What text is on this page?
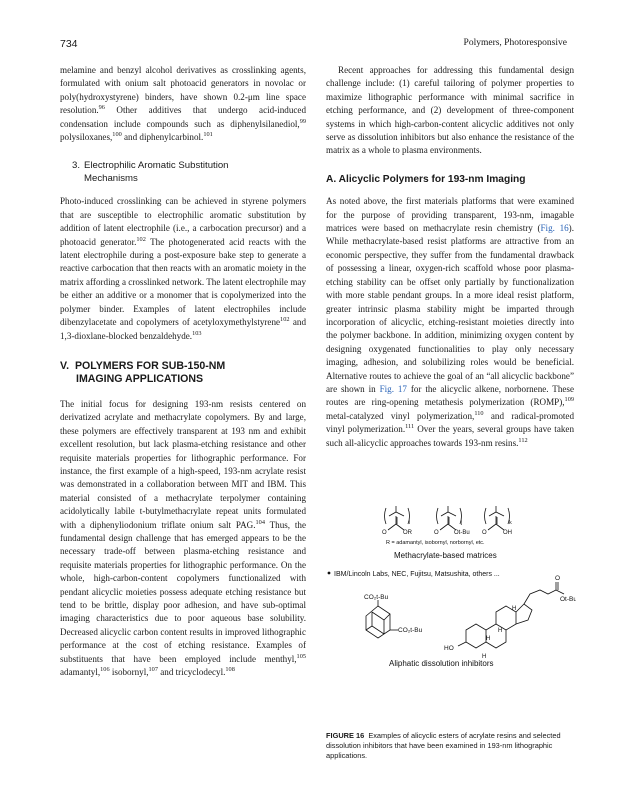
734	Polymers, Photoresponsive

melamine and benzyl alcohol derivatives as crosslinking agents, formulated with onium salt photoacid generators in novolac or poly(hydroxystyrene) binders, have shown 0.2-μm line space resolution.$^{96}$ Other additives that undergo acid-induced condensation include compounds such as diphenylsilanediol,$^{99}$ polysiloxanes,$^{100}$ and diphenylcarbinol.$^{101}$

3. Electrophilic Aromatic Substitution
Mechanisms

Photo-induced crosslinking can be achieved in styrene polymers that are susceptible to electrophilic aromatic substitution by addition of latent electrophile (i.e., a carbocation precursor) and a photoacid generator.$^{102}$ The photogenerated acid reacts with the latent electrophile during a post-exposure bake step to generate a reactive carbocation that then reacts with an aromatic moiety in the matrix affording a crosslinked network. The latent electrophile may be either an additive or a monomer that is copolymerized into the polymer binder. Examples of latent electrophiles include dibenzylacetate and copolymers of acetyloxymethylstyrene$^{102}$ and 1,3-dioxlane-blocked benzaldehyde.$^{103}$

V. POLYMERS FOR SUB-150-NM
IMAGING APPLICATIONS

The initial focus for designing 193-nm resists centered on derivatized acrylate and methacrylate copolymers. By and large, these polymers are effectively transparent at 193 nm and exhibit excellent resolution, but lack plasma-etching resistance and other requisite materials properties for lithographic performance. For instance, the first example of a high-speed, 193-nm acrylate resist was demonstrated in a collaboration between MIT and IBM. This material consisted of a methacrylate terpolymer containing acidolytically labile t-butylmethacrylate repeat units formulated with a diphenyliodonium triflate onium salt PAG.$^{104}$ Thus, the fundamental design challenge that has emerged appears to be the necessary trade-off between plasma-etching resistance and requisite materials properties for lithographic performance. On the whole, high-carbon-content copolymers functionalized with pendant alicyclic moieties possess adequate etching resistance but tend to be brittle, display poor adhesion, and have sub-optimal imaging characteristics due to poor aqueous base solubility. Decreased alicyclic carbon content results in improved lithographic performance at the cost of etching resistance. Examples of substituents that have been employed include menthyl,$^{105}$ adamantyl,$^{106}$ isobornyl,$^{107}$ and tricyclodecyl.$^{108}$

Recent approaches for addressing this fundamental design challenge include: (1) careful tailoring of polymer properties to maximize lithographic performance with minimal sacrifice in etching performance, and (2) development of three-component systems in which high-carbon-content alicyclic additives not only serve as dissolution inhibitors but also enhance the resistance of the matrix as a whole to plasma environments.

A. Alicyclic Polymers for 193-nm Imaging

As noted above, the first materials platforms that were examined for the purpose of providing transparent, 193-nm, imagable matrices were based on methacrylate resin chemistry (Fig. 16). While methacrylate-based resist platforms are attractive from an economic perspective, they suffer from the fundamental drawback of possessing a linear, oxygen-rich scaffold whose poor plasma-etching stability can be offset only partially by functionalization with more stable pendant groups. In a more ideal resist platform, greater intrinsic plasma stability might be imparted through incorporation of alicyclic, etching-resistant moieties directly into the polymer backbone. In addition, minimizing oxygen content by designing oxygenated functionalities to play only necessary imaging, adhesion, and solubilizing roles would be beneficial. Alternative routes to achieve the goal of an “all alicyclic backbone” are shown in Fig. 17 for the alicyclic alkene, norbornene. These routes are ring-opening metathesis polymerization (ROMP),$^{109}$ metal-catalyzed vinyl polymerization,$^{110}$ and radical-promoted vinyl polymerization.$^{111}$ Over the years, several groups have taken such all-alicyclic approaches towards 193-nm resins.$^{112}$

i
O	OR
j
O	Ot-Bu
k
O	OH
R = adamantyl, isobornyl, norbornyl, etc.
Methacrylate-based matrices
IBM/Lincoln Labs, NEC, Fujitsu, Matsushita, others ...
CO₂t-Bu
CO₂t-Bu
O
Ot-Bu
H
H
H
H
HO
Aliphatic dissolution inhibitors
FIGURE 16 Examples of alicyclic esters of acrylate resins and selected dissolution inhibitors that have been examined in 193-nm lithographic applications.
